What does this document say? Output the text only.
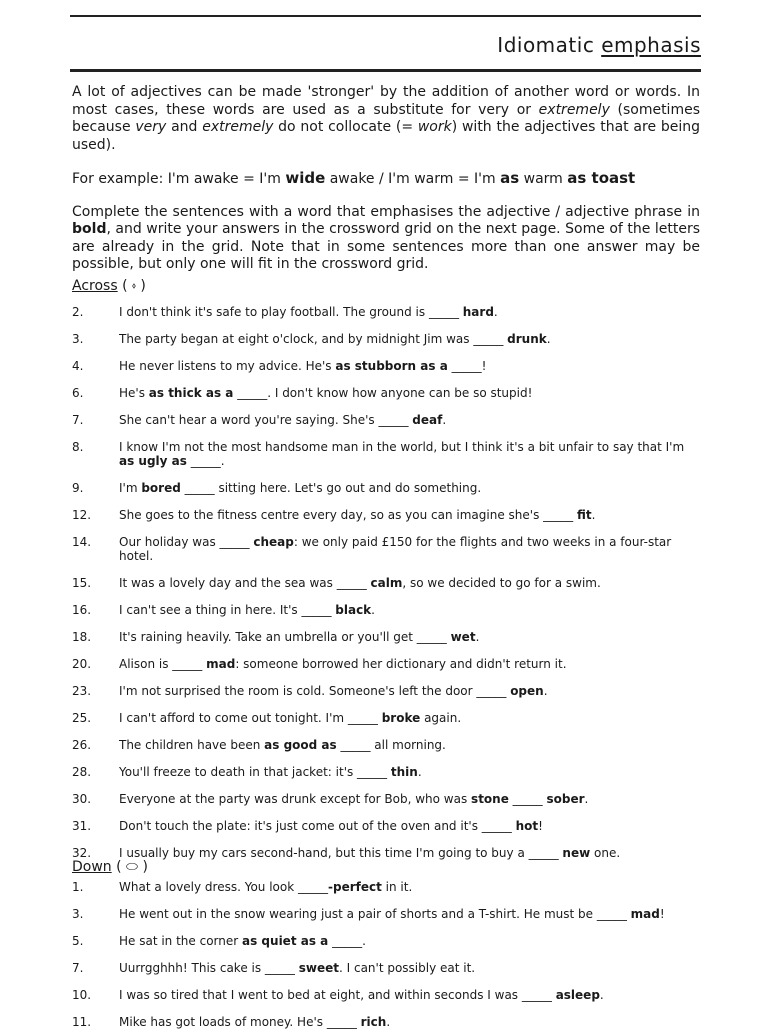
Idiomatic emphasis

A lot of adjectives can be made 'stronger' by the addition of another word or words. In most cases, these words are used as a substitute for very or extremely (sometimes because very and extremely do not collocate (= work) with the adjectives that are being used).

For example: I'm awake = I'm wide awake / I'm warm = I'm as warm as toast

Complete the sentences with a word that emphasises the adjective / adjective phrase in bold, and write your answers in the crossword grid on the next page. Some of the letters are already in the grid. Note that in some sentences more than one answer may be possible, but only one will fit in the crossword grid.

Across ( ⬫ )
2.	I don't think it's safe to play football. The ground is _____ hard.
3.	The party began at eight o'clock, and by midnight Jim was _____ drunk.
4.	He never listens to my advice. He's as stubborn as a _____!
6.	He's as thick as a _____. I don't know how anyone can be so stupid!
7.	She can't hear a word you're saying. She's _____ deaf.
8.	I know I'm not the most handsome man in the world, but I think it's a bit unfair to say that I'm as ugly as _____.
9.	I'm bored _____ sitting here. Let's go out and do something.
12. She goes to the fitness centre every day, so as you can imagine she's _____ fit.
14. Our holiday was _____ cheap: we only paid £150 for the flights and two weeks in a four-star hotel.
15. It was a lovely day and the sea was _____ calm, so we decided to go for a swim.
16. I can't see a thing in here. It's _____ black.
18. It's raining heavily. Take an umbrella or you'll get _____ wet.
20. Alison is _____ mad: someone borrowed her dictionary and didn't return it.
23. I'm not surprised the room is cold. Someone's left the door _____ open.
25. I can't afford to come out tonight. I'm _____ broke again.
26. The children have been as good as _____ all morning.
28. You'll freeze to death in that jacket: it's _____ thin.
30. Everyone at the party was drunk except for Bob, who was stone _____ sober.
31. Don't touch the plate: it's just come out of the oven and it's _____ hot!
32. I usually buy my cars second-hand, but this time I'm going to buy a _____ new one.
Down ( ⬭ )
1.	What a lovely dress. You look _____-perfect in it.
3.	He went out in the snow wearing just a pair of shorts and a T-shirt. He must be _____ mad!
5.	He sat in the corner as quiet as a _____.
7.	Uurrgghhh! This cake is _____ sweet. I can't possibly eat it.
10. I was so tired that I went to bed at eight, and within seconds I was _____ asleep.
11. Mike has got loads of money. He's _____ rich.
